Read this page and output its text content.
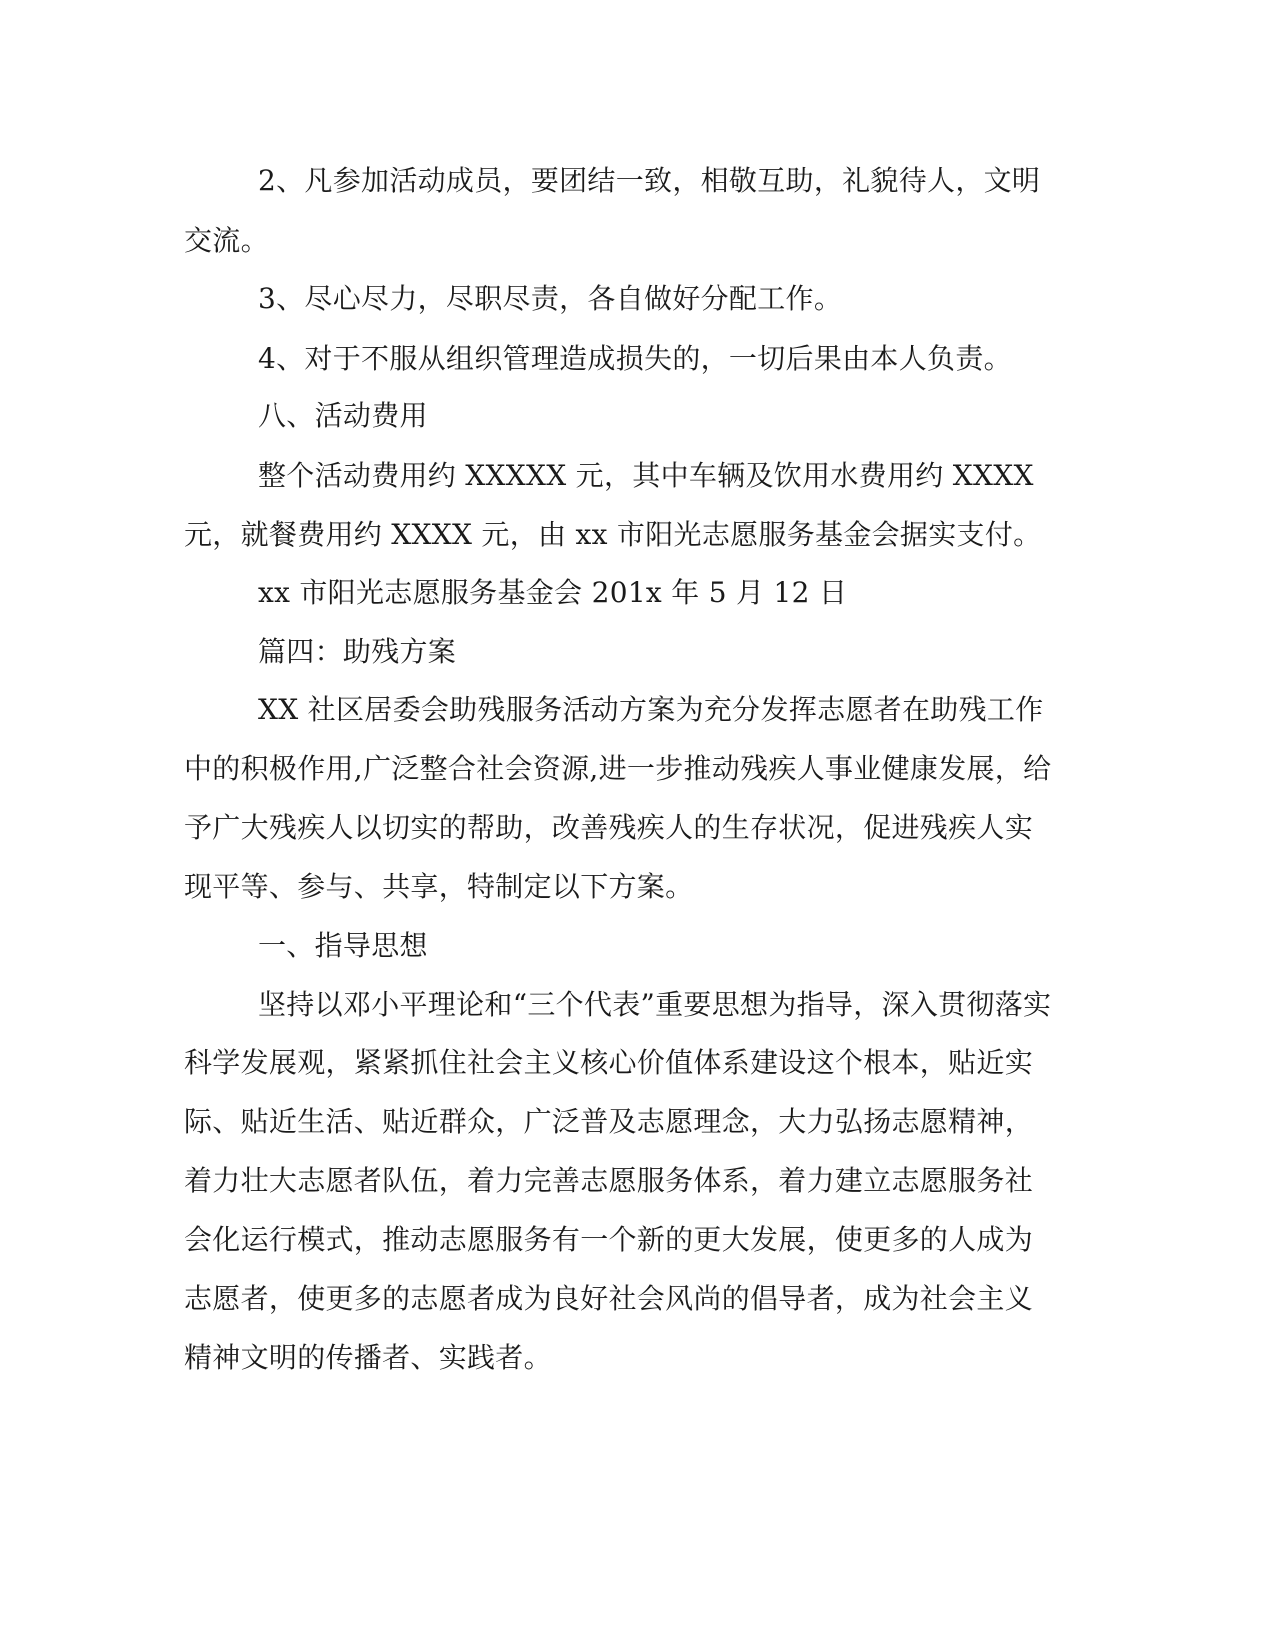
2、凡参加活动成员，要团结一致，相敬互助，礼貌待人，文明
交流。
3、尽心尽力，尽职尽责，各自做好分配工作。
4、对于不服从组织管理造成损失的，一切后果由本人负责。
八、活动费用
整个活动费用约 XXXXX 元，其中车辆及饮用水费用约 XXXX
元，就餐费用约 XXXX 元，由 xx 市阳光志愿服务基金会据实支付。
xx 市阳光志愿服务基金会 201x 年 5 月 12 日
篇四：助残方案
XX 社区居委会助残服务活动方案为充分发挥志愿者在助残工作
中的积极作用,广泛整合社会资源,进一步推动残疾人事业健康发展，给
予广大残疾人以切实的帮助，改善残疾人的生存状况，促进残疾人实
现平等、参与、共享，特制定以下方案。
一、指导思想
坚持以邓小平理论和“三个代表”重要思想为指导，深入贯彻落实
科学发展观，紧紧抓住社会主义核心价值体系建设这个根本，贴近实
际、贴近生活、贴近群众，广泛普及志愿理念，大力弘扬志愿精神，
着力壮大志愿者队伍，着力完善志愿服务体系，着力建立志愿服务社
会化运行模式，推动志愿服务有一个新的更大发展，使更多的人成为
志愿者，使更多的志愿者成为良好社会风尚的倡导者，成为社会主义
精神文明的传播者、实践者。
